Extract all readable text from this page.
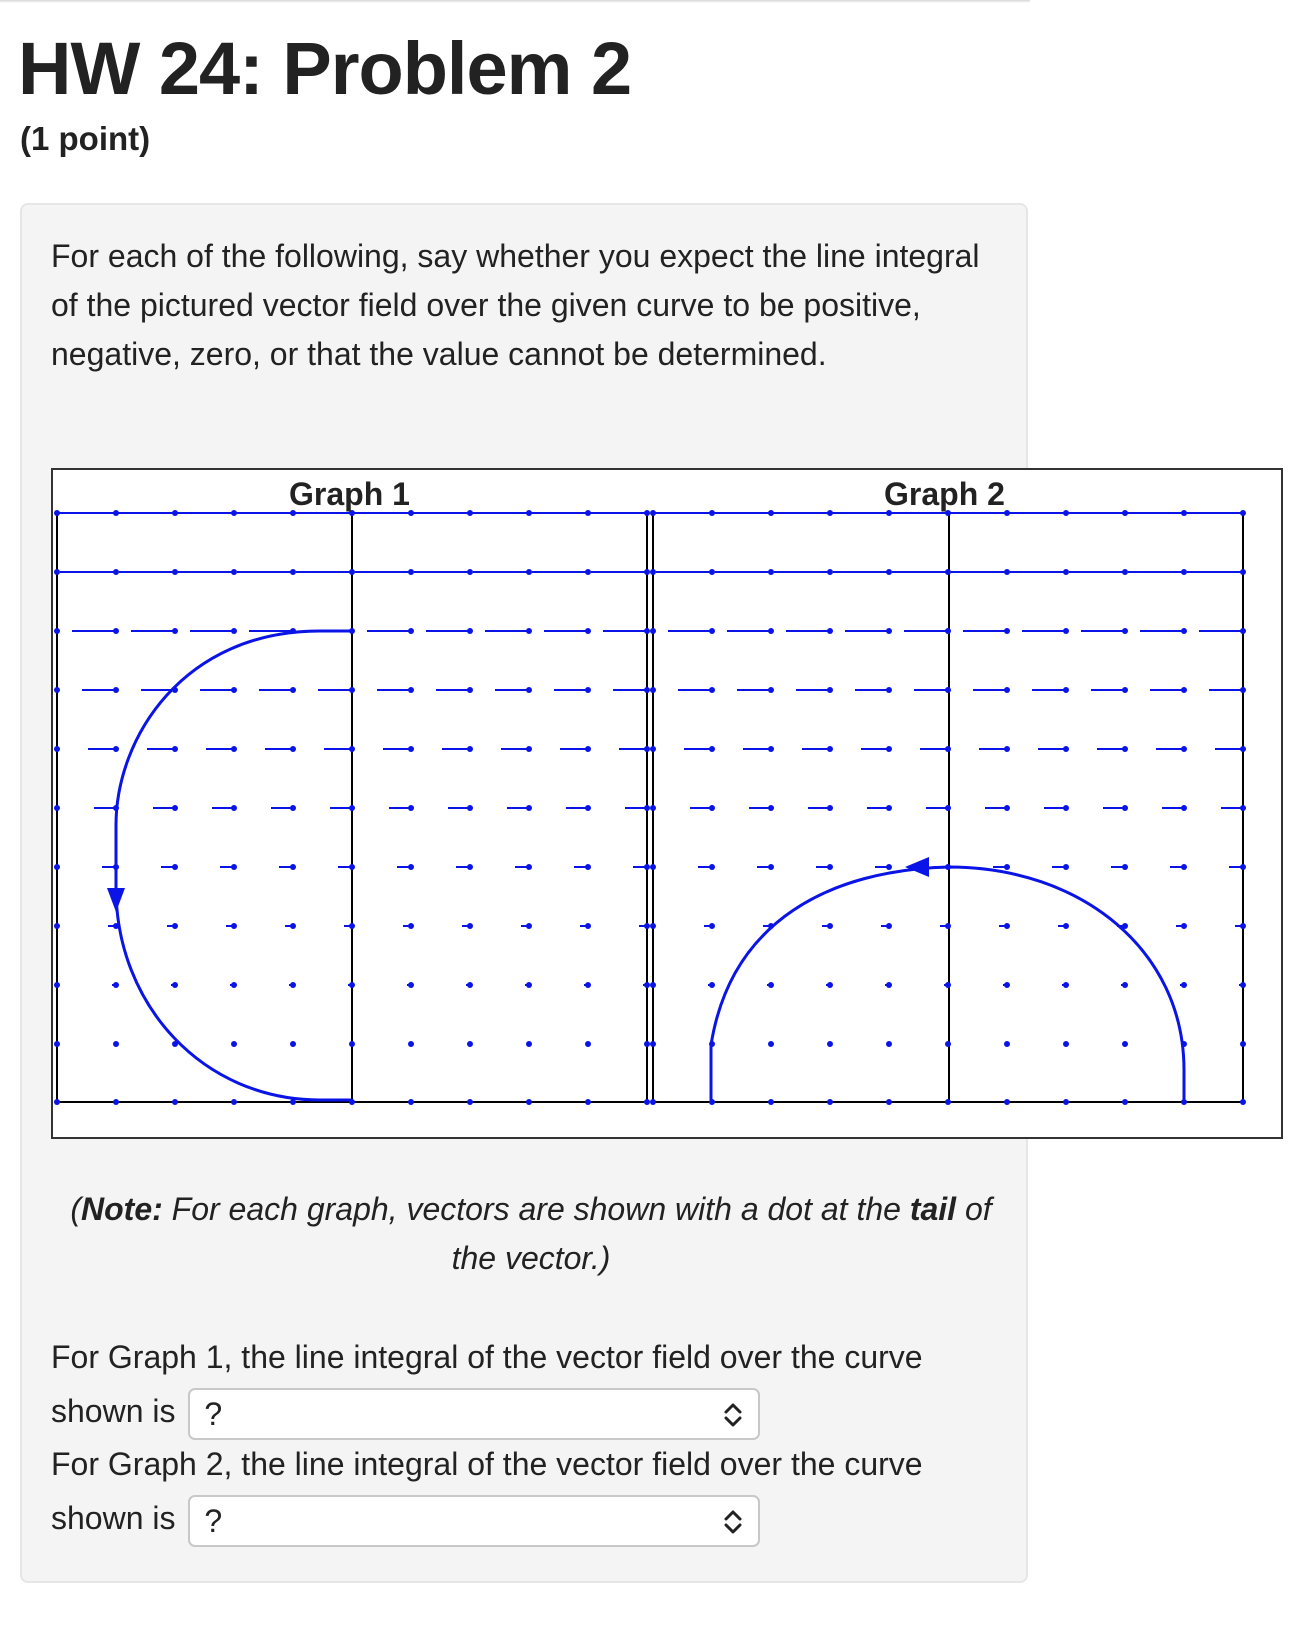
HW 24: Problem 2
(1 point)
For each of the following, say whether you expect the line integral of the pictured vector field over the given curve to be positive, negative, zero, or that the value cannot be determined.
Graph 1	Graph 2
(Note: For each graph, vectors are shown with a dot at the tail of the vector.)
For Graph 1, the line integral of the vector field over the curve shown is ?
For Graph 2, the line integral of the vector field over the curve shown is ?
